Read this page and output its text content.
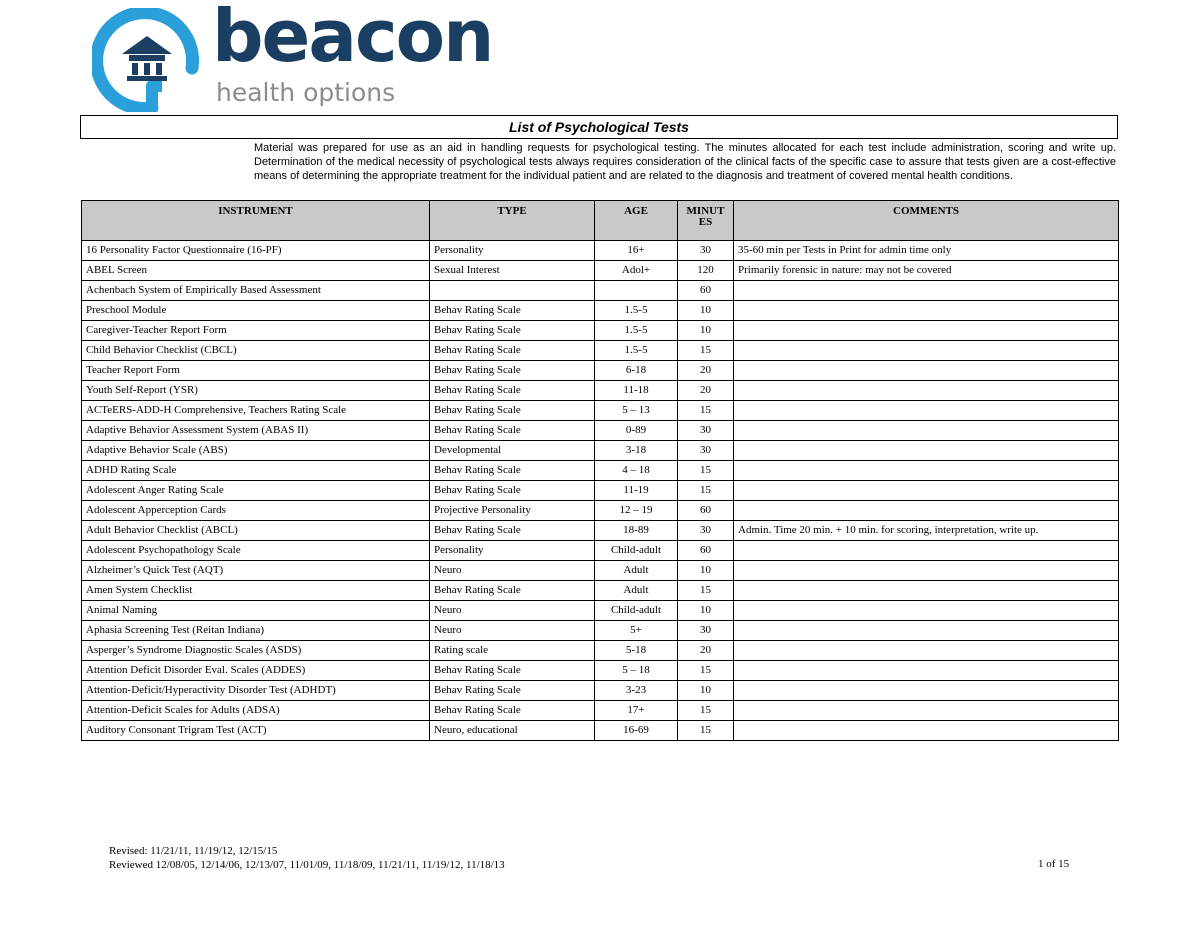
beacon
health options
List of Psychological Tests
Material was prepared for use as an aid in handling requests for psychological testing. The minutes allocated for each test include administration, scoring and write up. Determination of the medical necessity of psychological tests always requires consideration of the clinical facts of the specific case to assure that tests given are a cost-effective means of determining the appropriate treatment for the individual patient and are related to the diagnosis and treatment of covered mental health conditions.
INSTRUMENT	TYPE	AGE	MINUT ES	COMMENTS
16 Personality Factor Questionnaire (16-PF)	Personality	16+	30	35-60 min per Tests in Print for admin time only
ABEL Screen	Sexual Interest	Adol+	120	Primarily forensic in nature: may not be covered
Achenbach System of Empirically Based Assessment			60	
Preschool Module	Behav Rating Scale	1.5-5	10	
Caregiver-Teacher Report Form	Behav Rating Scale	1.5-5	10	
Child Behavior Checklist (CBCL)	Behav Rating Scale	1.5-5	15	
Teacher Report Form	Behav Rating Scale	6-18	20	
Youth Self-Report (YSR)	Behav Rating Scale	11-18	20	
ACTeERS-ADD-H Comprehensive, Teachers Rating Scale	Behav Rating Scale	5 – 13	15	
Adaptive Behavior Assessment System (ABAS II)	Behav Rating Scale	0-89	30	
Adaptive Behavior Scale (ABS)	Developmental	3-18	30	
ADHD Rating Scale	Behav Rating Scale	4 – 18	15	
Adolescent Anger Rating Scale	Behav Rating Scale	11-19	15	
Adolescent Apperception Cards	Projective Personality	12 – 19	60	
Adult Behavior Checklist (ABCL)	Behav Rating Scale	18-89	30	Admin. Time 20 min. + 10 min. for scoring, interpretation, write up.
Adolescent Psychopathology Scale	Personality	Child-adult	60	
Alzheimer’s Quick Test (AQT)	Neuro	Adult	10	
Amen System Checklist	Behav Rating Scale	Adult	15	
Animal Naming	Neuro	Child-adult	10	
Aphasia Screening Test (Reitan Indiana)	Neuro	5+	30	
Asperger’s Syndrome Diagnostic Scales (ASDS)	Rating scale	5-18	20	
Attention Deficit Disorder Eval. Scales (ADDES)	Behav Rating Scale	5 – 18	15	
Attention-Deficit/Hyperactivity Disorder Test (ADHDT)	Behav Rating Scale	3-23	10	
Attention-Deficit Scales for Adults (ADSA)	Behav Rating Scale	17+	15	
Auditory Consonant Trigram Test (ACT)	Neuro, educational	16-69	15	
Revised: 11/21/11, 11/19/12, 12/15/15
Reviewed 12/08/05, 12/14/06, 12/13/07, 11/01/09, 11/18/09, 11/21/11, 11/19/12, 11/18/13	1 of 15
